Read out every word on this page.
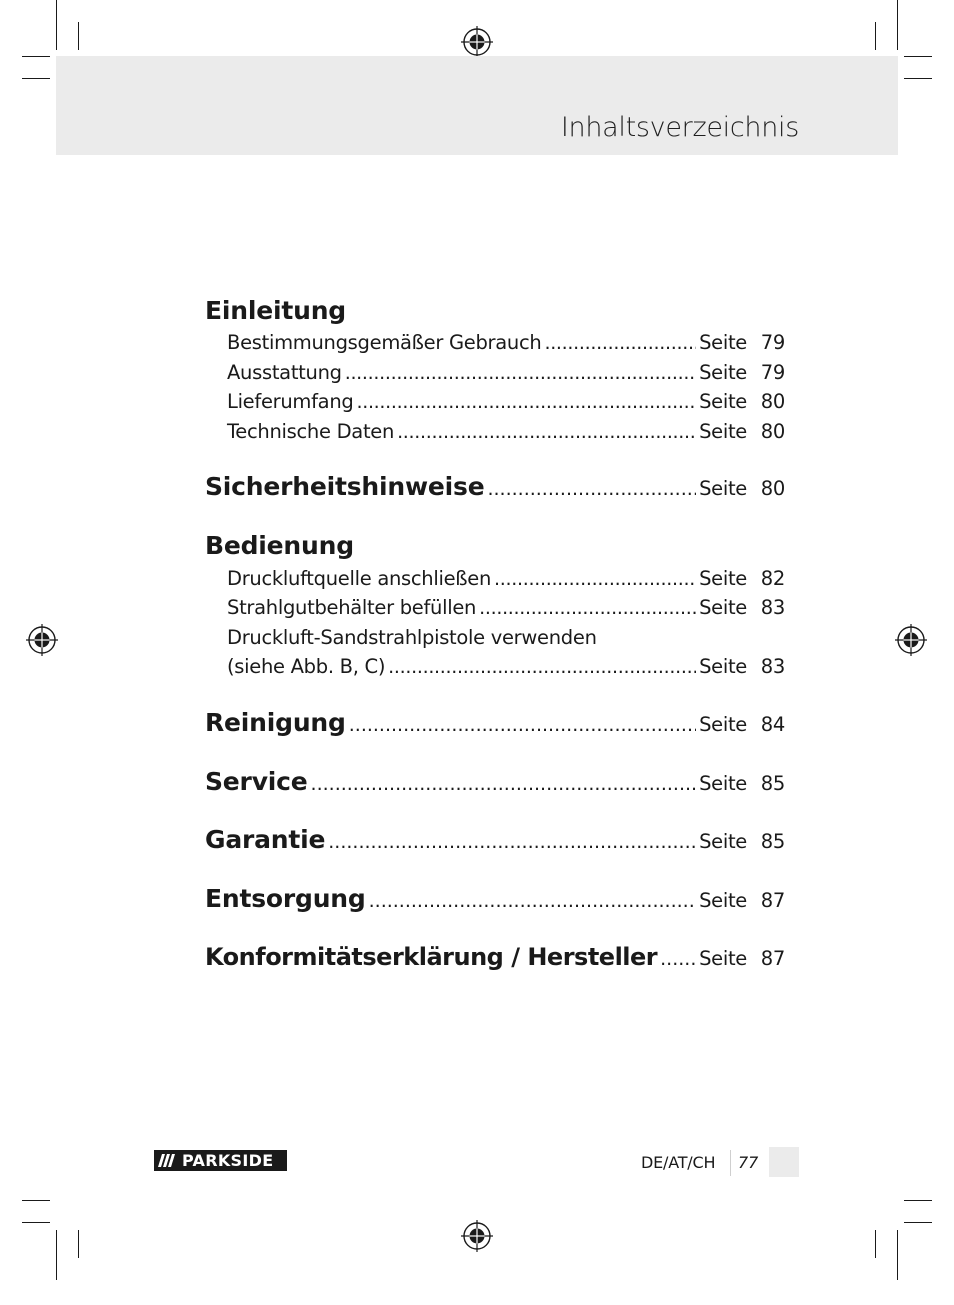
Inhaltsverzeichnis
Einleitung
Bestimmungsgemäßer Gebrauch .....	Seite 79
Ausstattung .....	Seite 79
Lieferumfang .....	Seite 80
Technische Daten .....	Seite 80
Sicherheitshinweise .....	Seite 80
Bedienung
Druckluftquelle anschließen .....	Seite 82
Strahlgutbehälter befüllen .....	Seite 83
Druckluft-Sandstrahlpistole verwenden
(siehe Abb. B, C) .....	Seite 83
Reinigung .....	Seite 84
Service .....	Seite 85
Garantie .....	Seite 85
Entsorgung .....	Seite 87
Konformitätserklärung / Hersteller ..... Seite 87
PARKSIDE	DE/AT/CH 77
